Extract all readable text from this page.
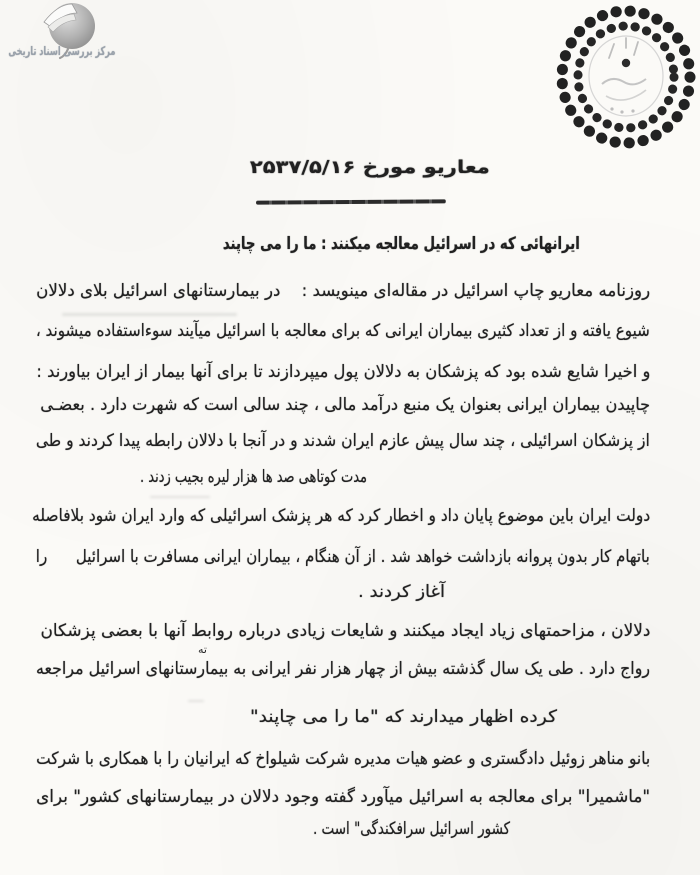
مرکز بررسی اسناد تاریخی
معاریو مورخ ۲۵۳۷/۵/۱۶
ایرانهائی که در اسرائیل معالجه میکنند : ما را می چاپند
روزنامه معاریو چاپ اسرائیل در مقاله‌ای مینویسد :    در بیمارستانهای اسرائیل بلای دلالان
شیوع یافته و از تعداد کثیری بیماران ایرانی که برای معالجه با اسرائیل میآیند سوءاستفاده میشوند ،
و اخیرا شایع شده بود که پزشکان به دلالان پول میپردازند تا برای آنها بیمار از ایران بیاورند :
چاپیدن بیماران ایرانی بعنوان یک منبع درآمد مالی ، چند سالی است که شهرت دارد . بعضـی
از پزشکان اسرائیلی ، چند سال پیش عازم ایران شدند و در آنجا با دلالان رابطه پیدا کردند و طی
مدت کوتاهی صد ها هزار لیره بجیب زدند .
دولت ایران باین موضوع پایان داد و اخطار کرد که هر پزشک اسرائیلی که وارد ایران شود بلافاصله
باتهام کار بدون پروانه بازداشت خواهد شد . از آن هنگام ، بیماران ایرانی مسافرت با اسرائیل      را
آغاز کردند .
دلالان ، مزاحمتهای زیاد ایجاد میکنند و شایعات زیادی درباره روابط آنها با بعضی پزشکان
رواج دارد . طی یک سال گذشته بیش از چهار هزار نفر ایرانی به بیمارستانهای اسرائیل مراجعه
کرده اظهار میدارند که "ما را می چاپند"
بانو مناهر زوئیل دادگستری و عضو هیات مدیره شرکت شیلواخ که ایرانیان را با همکاری با شرکت
"ماشمیرا" برای معالجه به اسرائیل میآورد گفته وجود دلالان در بیمارستانهای کشور" برای
کشور اسرائیل سرافکندگی" است .
ته
